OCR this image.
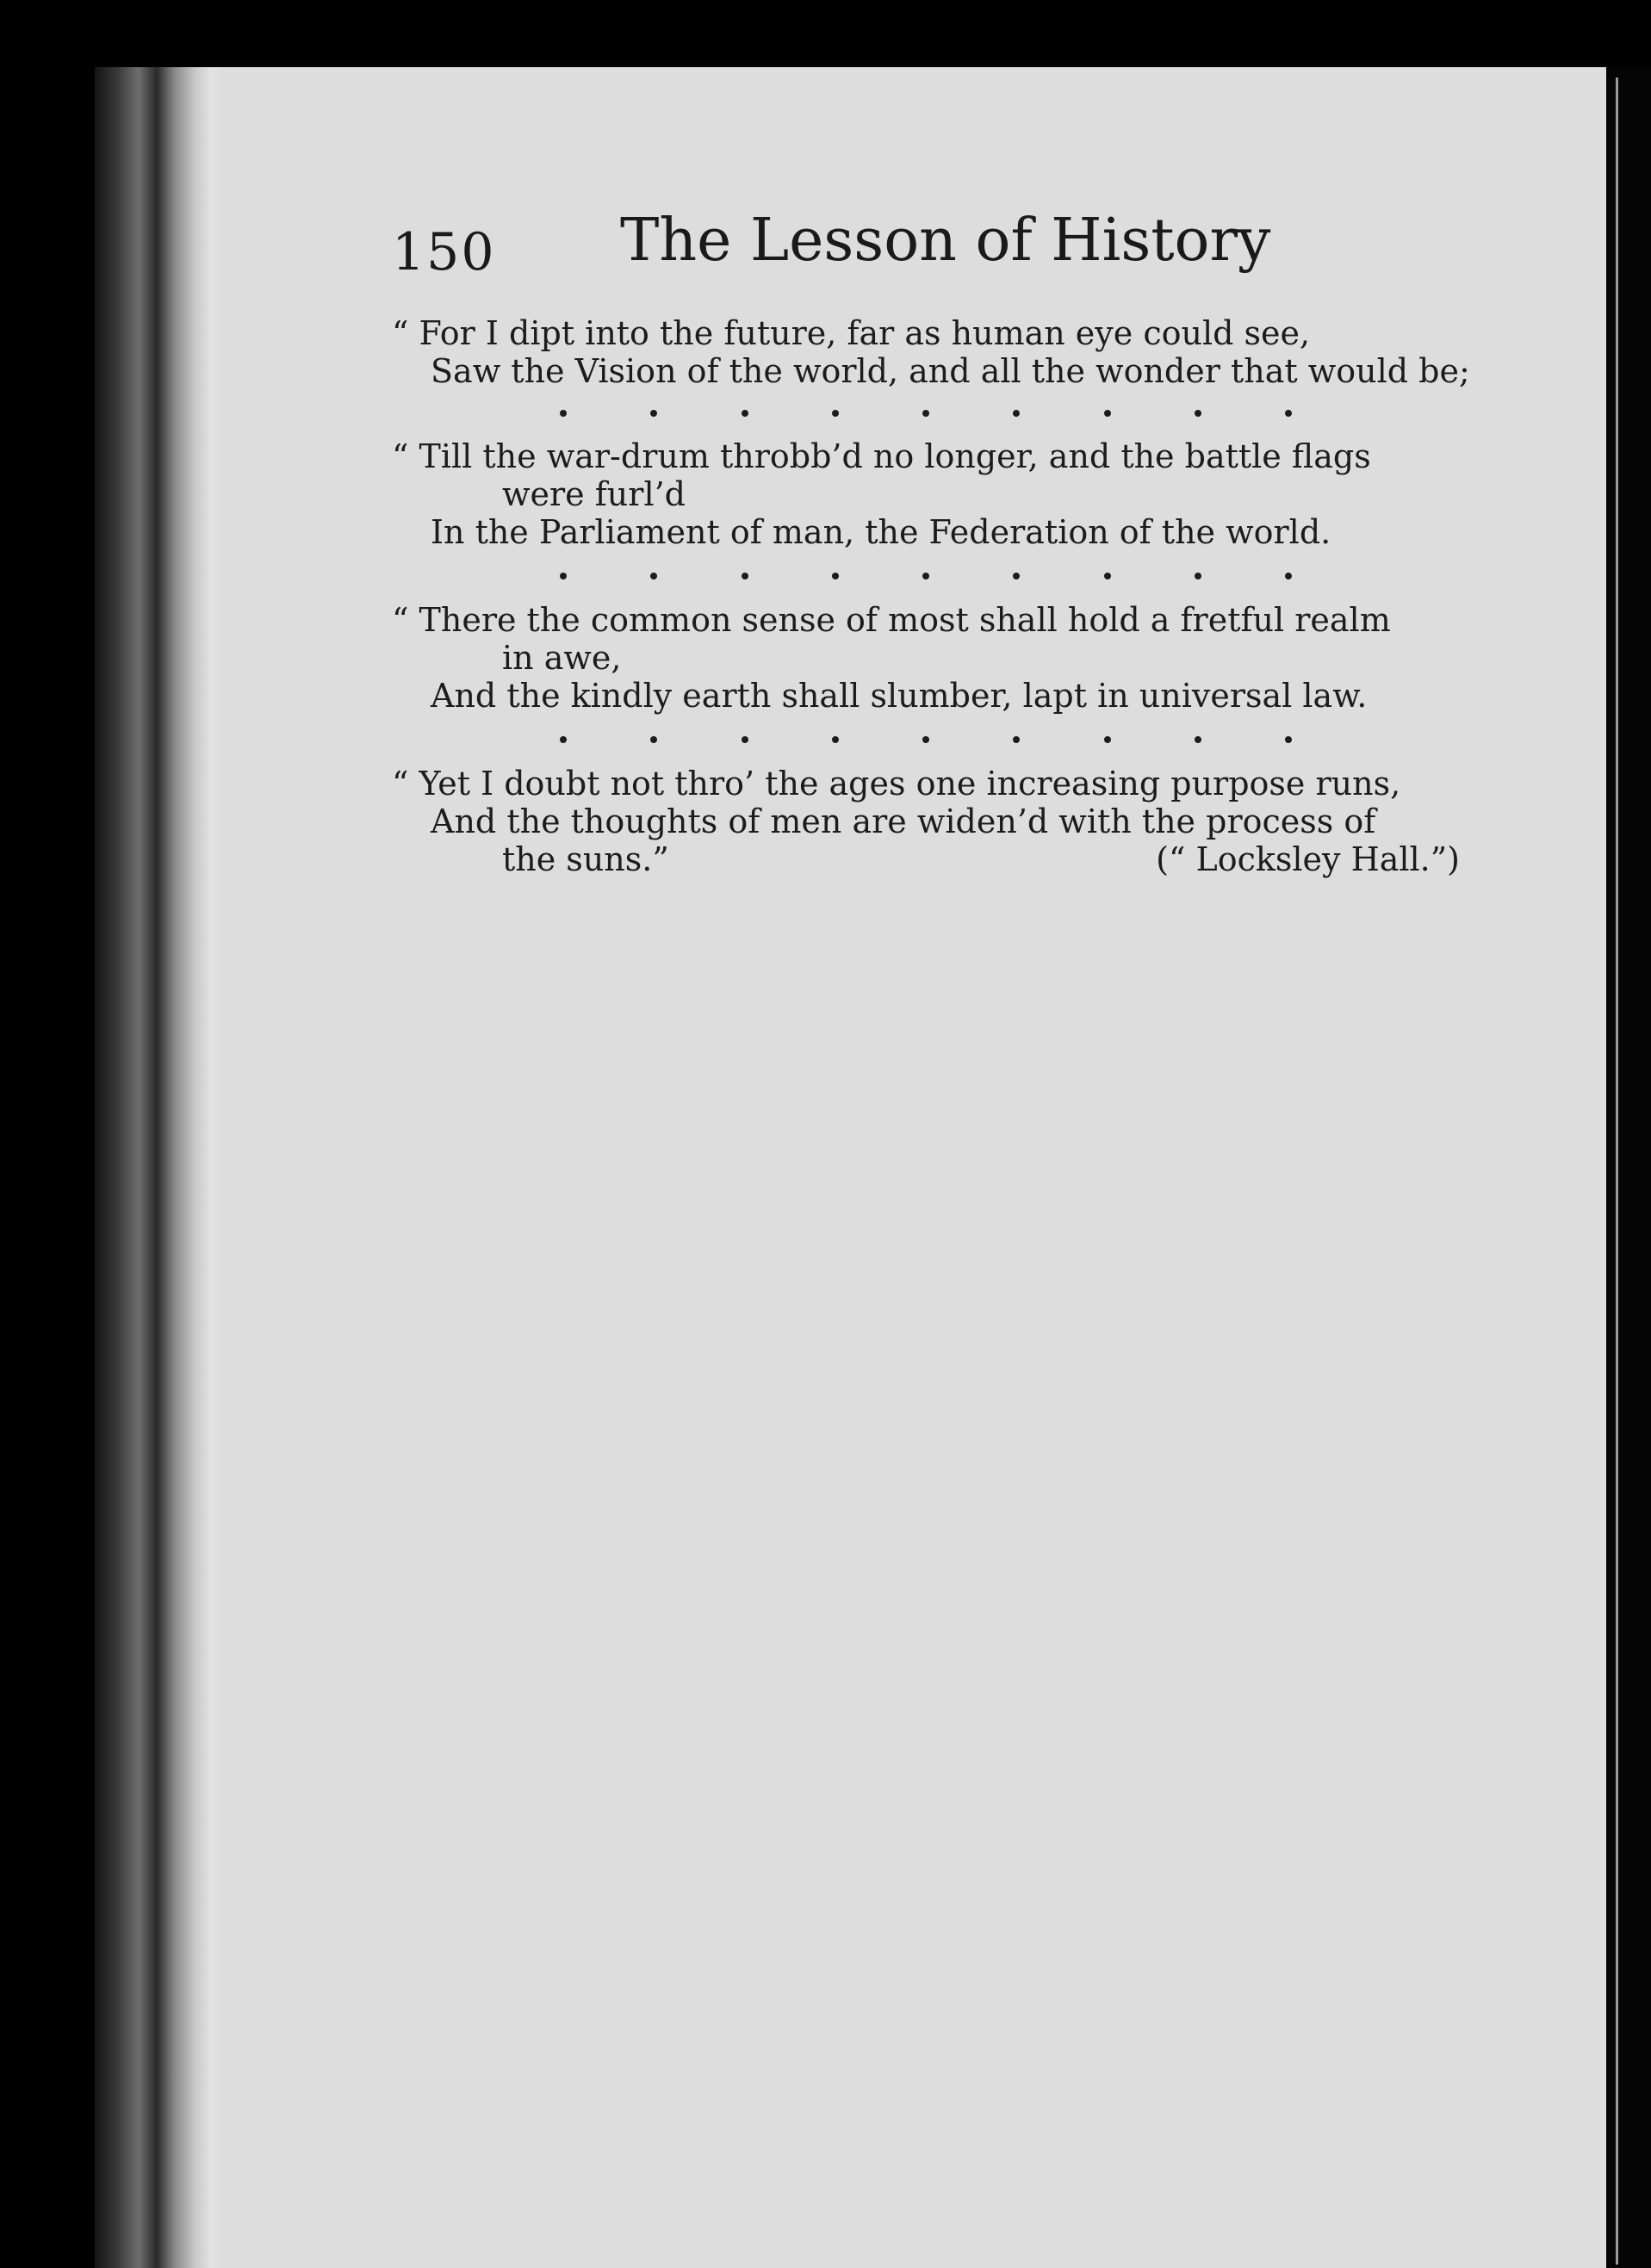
150 The Lesson of History
“ For I dipt into the future, far as human eye could see,
Saw the Vision of the world, and all the wonder that would be;
“ Till the war-drum throbb’d no longer, and the battle flags
were furl’d
In the Parliament of man, the Federation of the world.
“ There the common sense of most shall hold a fretful realm
in awe,
And the kindly earth shall slumber, lapt in universal law.
“ Yet I doubt not thro’ the ages one increasing purpose runs,
And the thoughts of men are widen’d with the process of
the suns.”	(“ Locksley Hall.”)
